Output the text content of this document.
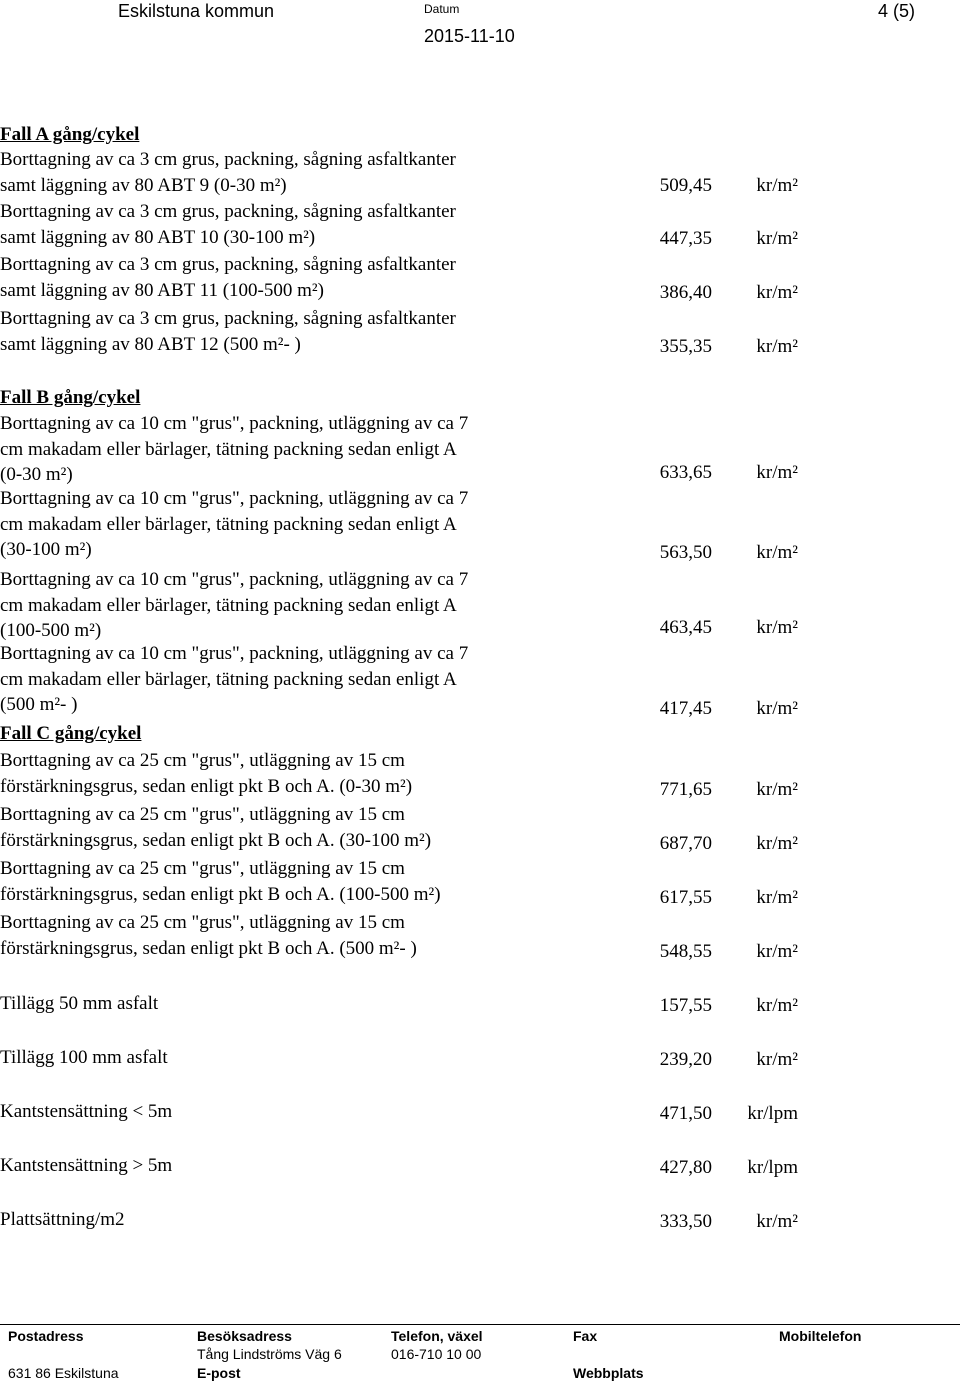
Eskilstuna kommun	Datum
2015-11-10
4 (5)
Fall A gång/cykel
Borttagning av ca 3 cm grus, packning, sågning asfaltkanter
samt läggning av 80 ABT 9 (0-30 m²)	509,45	kr/m²
Borttagning av ca 3 cm grus, packning, sågning asfaltkanter
samt läggning av 80 ABT 10 (30-100 m²)	447,35	kr/m²
Borttagning av ca 3 cm grus, packning, sågning asfaltkanter
samt läggning av 80 ABT 11 (100-500 m²)	386,40	kr/m²
Borttagning av ca 3 cm grus, packning, sågning asfaltkanter
samt läggning av 80 ABT 12 (500 m²- )	355,35	kr/m²
Fall B gång/cykel
Borttagning av ca 10 cm "grus", packning, utläggning av ca 7
cm makadam eller bärlager, tätning packning sedan enligt A
(0-30 m²)	633,65	kr/m²
Borttagning av ca 10 cm "grus", packning, utläggning av ca 7
cm makadam eller bärlager, tätning packning sedan enligt A
(30-100 m²)	563,50	kr/m²
Borttagning av ca 10 cm "grus", packning, utläggning av ca 7
cm makadam eller bärlager, tätning packning sedan enligt A
(100-500 m²)	463,45	kr/m²
Borttagning av ca 10 cm "grus", packning, utläggning av ca 7
cm makadam eller bärlager, tätning packning sedan enligt A
(500 m²- )	417,45	kr/m²
Fall C gång/cykel
Borttagning av ca 25 cm "grus", utläggning av 15 cm
förstärkningsgrus, sedan enligt pkt B och A. (0-30 m²)	771,65	kr/m²
Borttagning av ca 25 cm "grus", utläggning av 15 cm
förstärkningsgrus, sedan enligt pkt B och A. (30-100 m²)	687,70	kr/m²
Borttagning av ca 25 cm "grus", utläggning av 15 cm
förstärkningsgrus, sedan enligt pkt B och A. (100-500 m²)	617,55	kr/m²
Borttagning av ca 25 cm "grus", utläggning av 15 cm
förstärkningsgrus, sedan enligt pkt B och A. (500 m²- )	548,55	kr/m²
Tillägg 50 mm asfalt	157,55	kr/m²
Tillägg 100 mm asfalt	239,20	kr/m²
Kantstensättning < 5m	471,50	kr/lpm
Kantstensättning > 5m	427,80	kr/lpm
Plattsättning/m2	333,50	kr/m²
Postadress
631 86 Eskilstuna
Besöksadress
Tång Lindströms Väg 6
E-post
Telefon, växel
016-710 10 00
Fax
Webbplats
Mobiltelefon
